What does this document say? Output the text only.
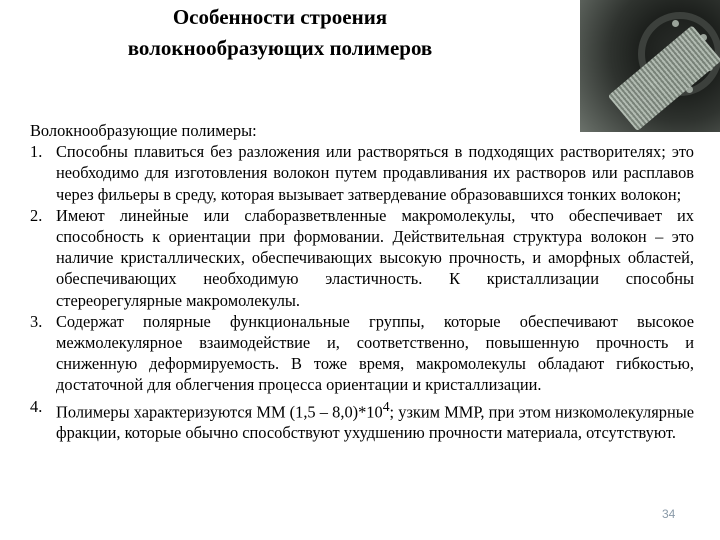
Особенности строения
волокнообразующих полимеров

Волокнообразующие полимеры:

1. Способны плавиться без разложения или растворяться в подходящих растворителях; это необходимо для изготовления волокон путем продавливания их растворов или расплавов через фильеры в среду, которая вызывает затвердевание образовавшихся тонких волокон;
2. Имеют линейные или слаборазветвленные макромолекулы, что обеспечивает их способность к ориентации при формовании. Действительная структура волокон – это наличие кристаллических, обеспечивающих высокую прочность, и аморфных областей, обеспечивающих необходимую эластичность. К кристаллизации способны стереорегулярные макромолекулы.
3. Содержат полярные функциональные группы, которые обеспечивают высокое межмолекулярное взаимодействие и, соответственно, повышенную прочность и сниженную деформируемость. В тоже время, макромолекулы обладают гибкостью, достаточной для облегчения процесса ориентации и кристаллизации.
4. Полимеры характеризуются ММ $(1,5 - 8,0)*10^4$; узким ММР, при этом низкомолекулярные фракции, которые обычно способствуют ухудшению прочности материала, отсутствуют.
34
